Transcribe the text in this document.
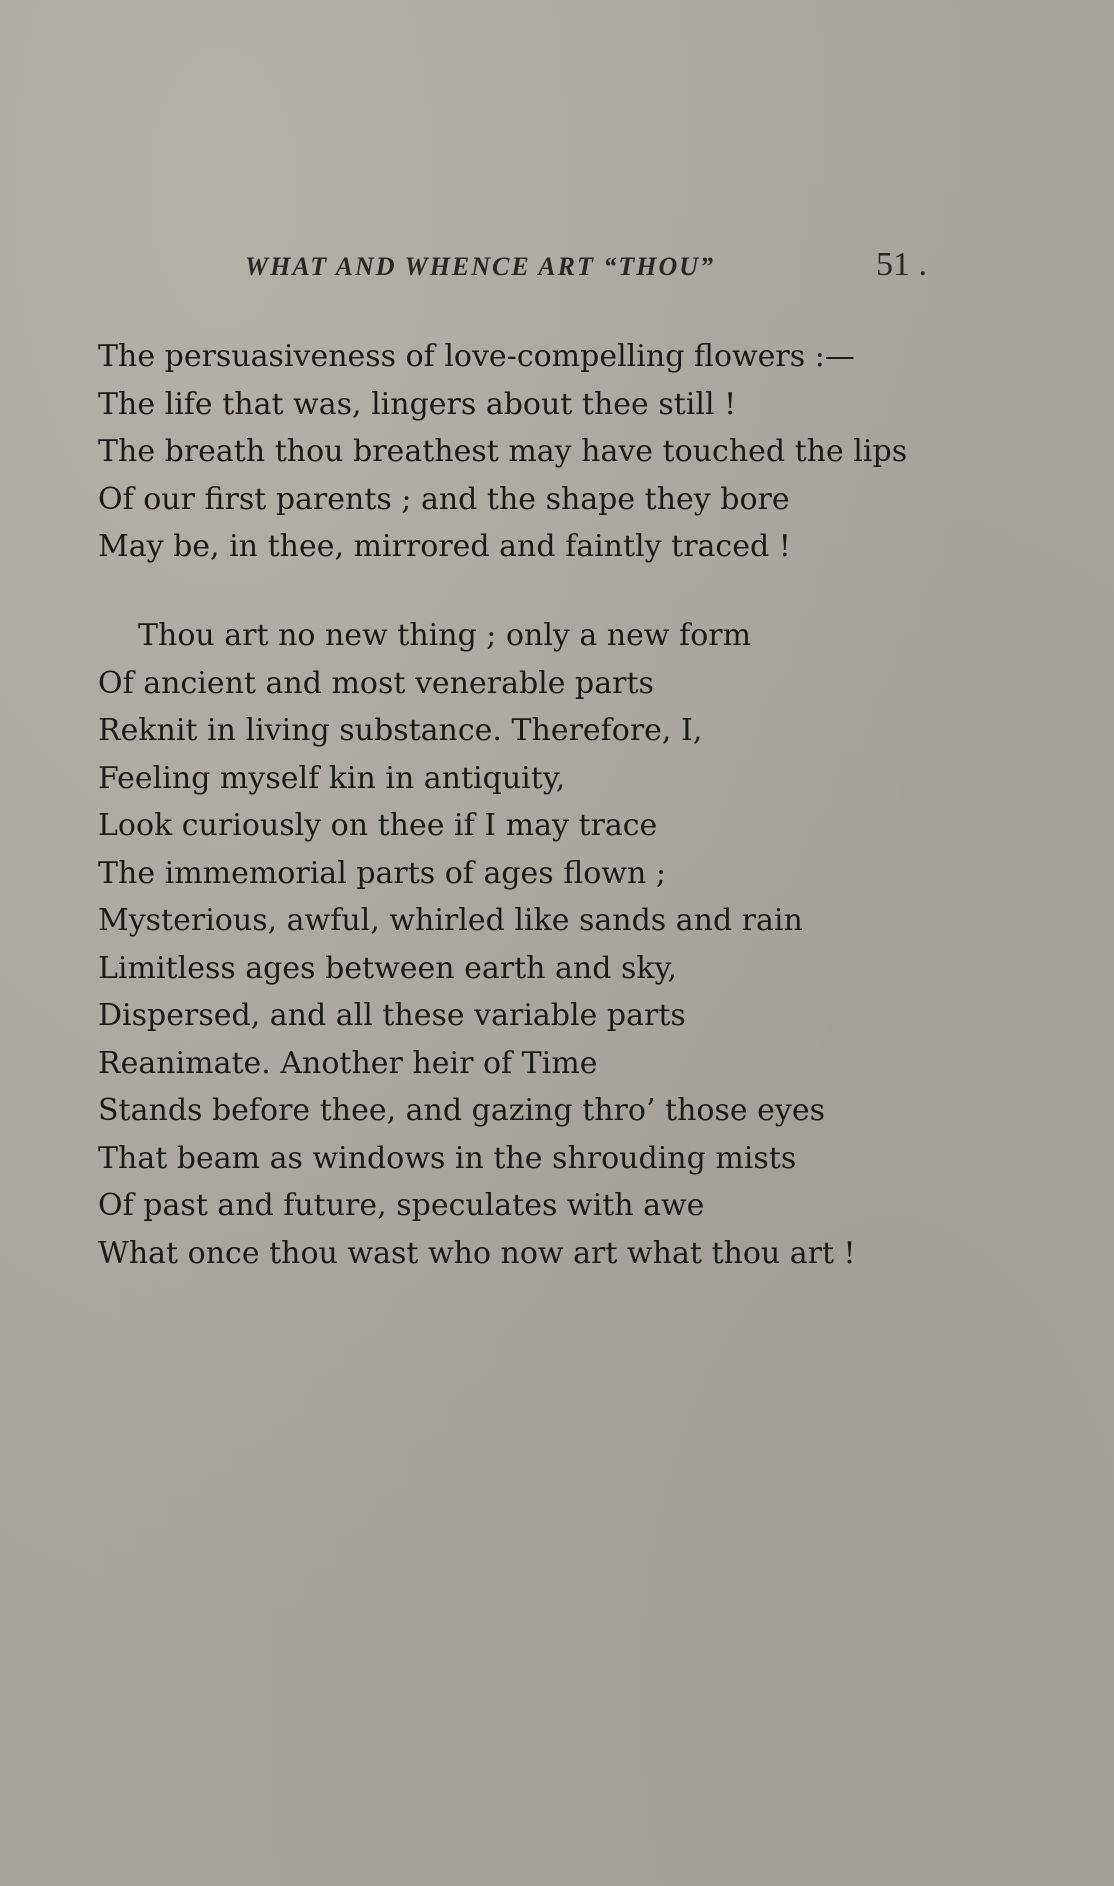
WHAT AND WHENCE ART “THOU”	51 .
The persuasiveness of love-compelling flowers :—
The life that was, lingers about thee still !
The breath thou breathest may have touched the lips
Of our first parents ; and the shape they bore
May be, in thee, mirrored and faintly traced !
Thou art no new thing ; only a new form
Of ancient and most venerable parts
Reknit in living substance. Therefore, I,
Feeling myself kin in antiquity,
Look curiously on thee if I may trace
The immemorial parts of ages flown ;
Mysterious, awful, whirled like sands and rain
Limitless ages between earth and sky,
Dispersed, and all these variable parts
Reanimate. Another heir of Time
Stands before thee, and gazing thro’ those eyes
That beam as windows in the shrouding mists
Of past and future, speculates with awe
What once thou wast who now art what thou art !
